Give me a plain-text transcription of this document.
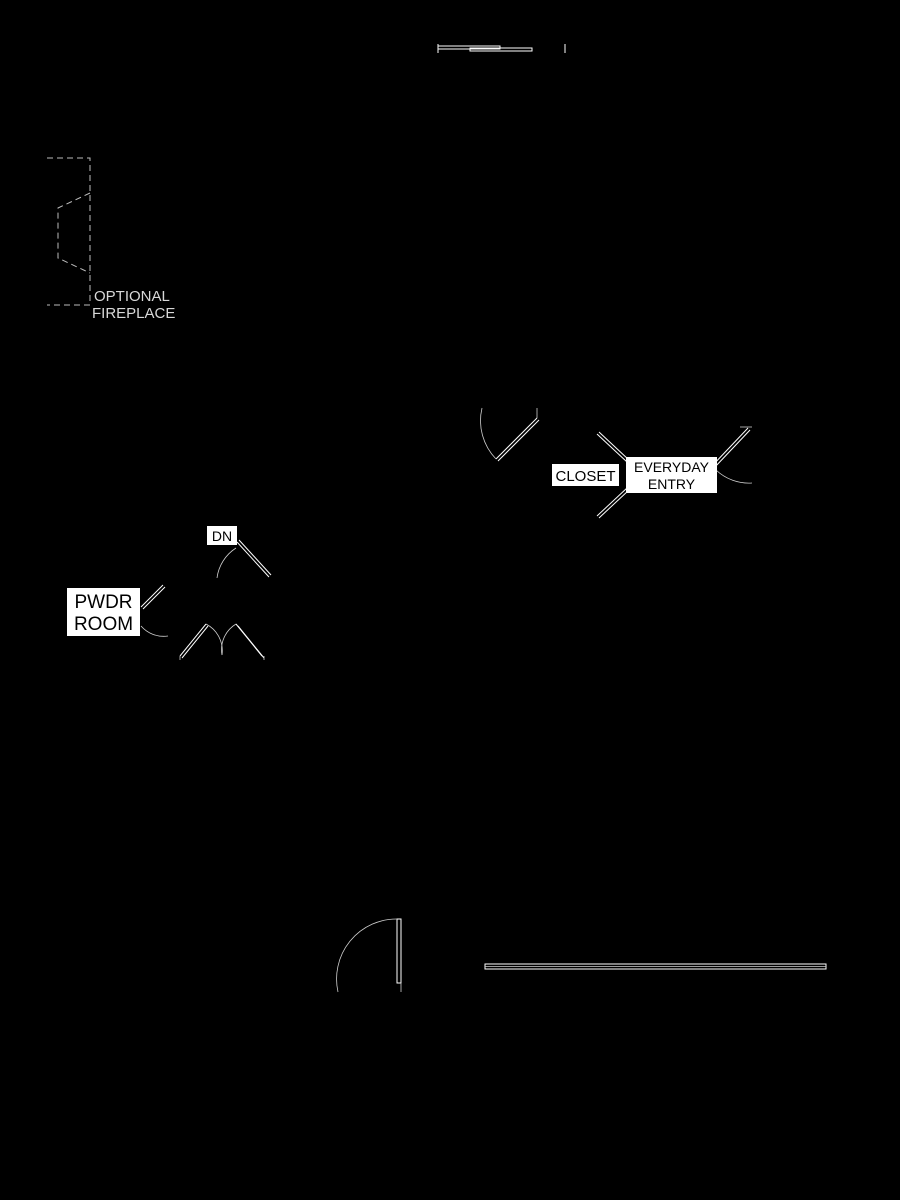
OPTIONAL
FIREPLACE
CLOSET
EVERYDAY
ENTRY
DN
PWDR
ROOM
